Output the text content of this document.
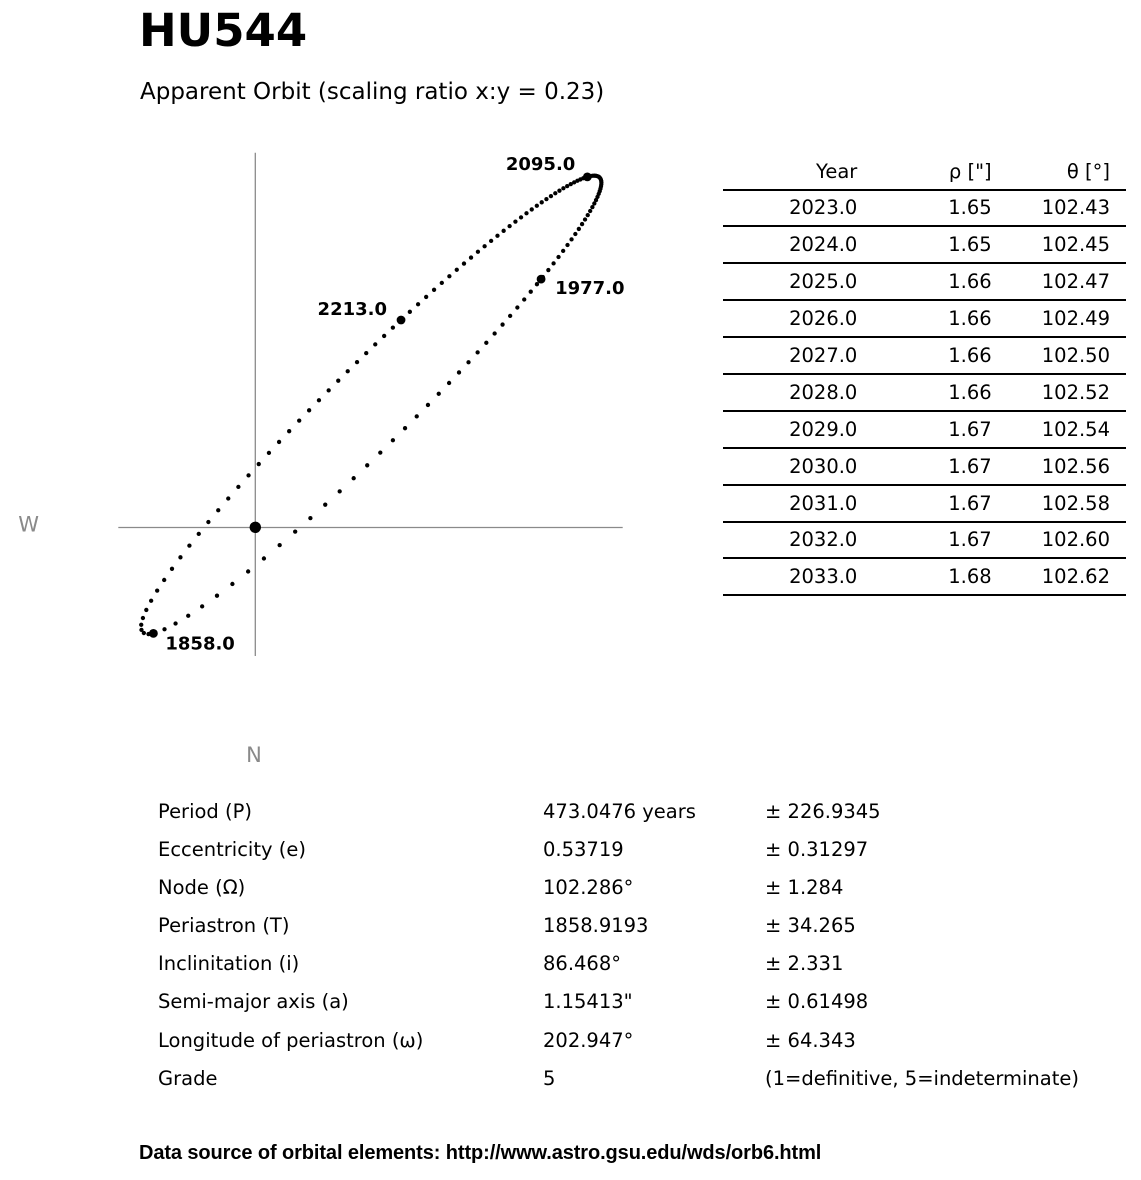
HU544
Apparent Orbit (scaling ratio x:y = 0.23)
W
N
1858.0
1977.0
2095.0
2213.0
Year	ρ ["]	θ [°]
2023.0	1.65	102.43
2024.0	1.65	102.45
2025.0	1.66	102.47
2026.0	1.66	102.49
2027.0	1.66	102.50
2028.0	1.66	102.52
2029.0	1.67	102.54
2030.0	1.67	102.56
2031.0	1.67	102.58
2032.0	1.67	102.60
2033.0	1.68	102.62
Period (P)	473.0476 years	± 226.9345
Eccentricity (e)	0.53719	± 0.31297
Node (Ω)	102.286°	± 1.284
Periastron (T)	1858.9193	± 34.265
Inclinitation (i)	86.468°	± 2.331
Semi-major axis (a)	1.15413"	± 0.61498
Longitude of periastron (ω)	202.947°	± 64.343
Grade	5	(1=definitive, 5=indeterminate)
Data source of orbital elements: http://www.astro.gsu.edu/wds/orb6.html
